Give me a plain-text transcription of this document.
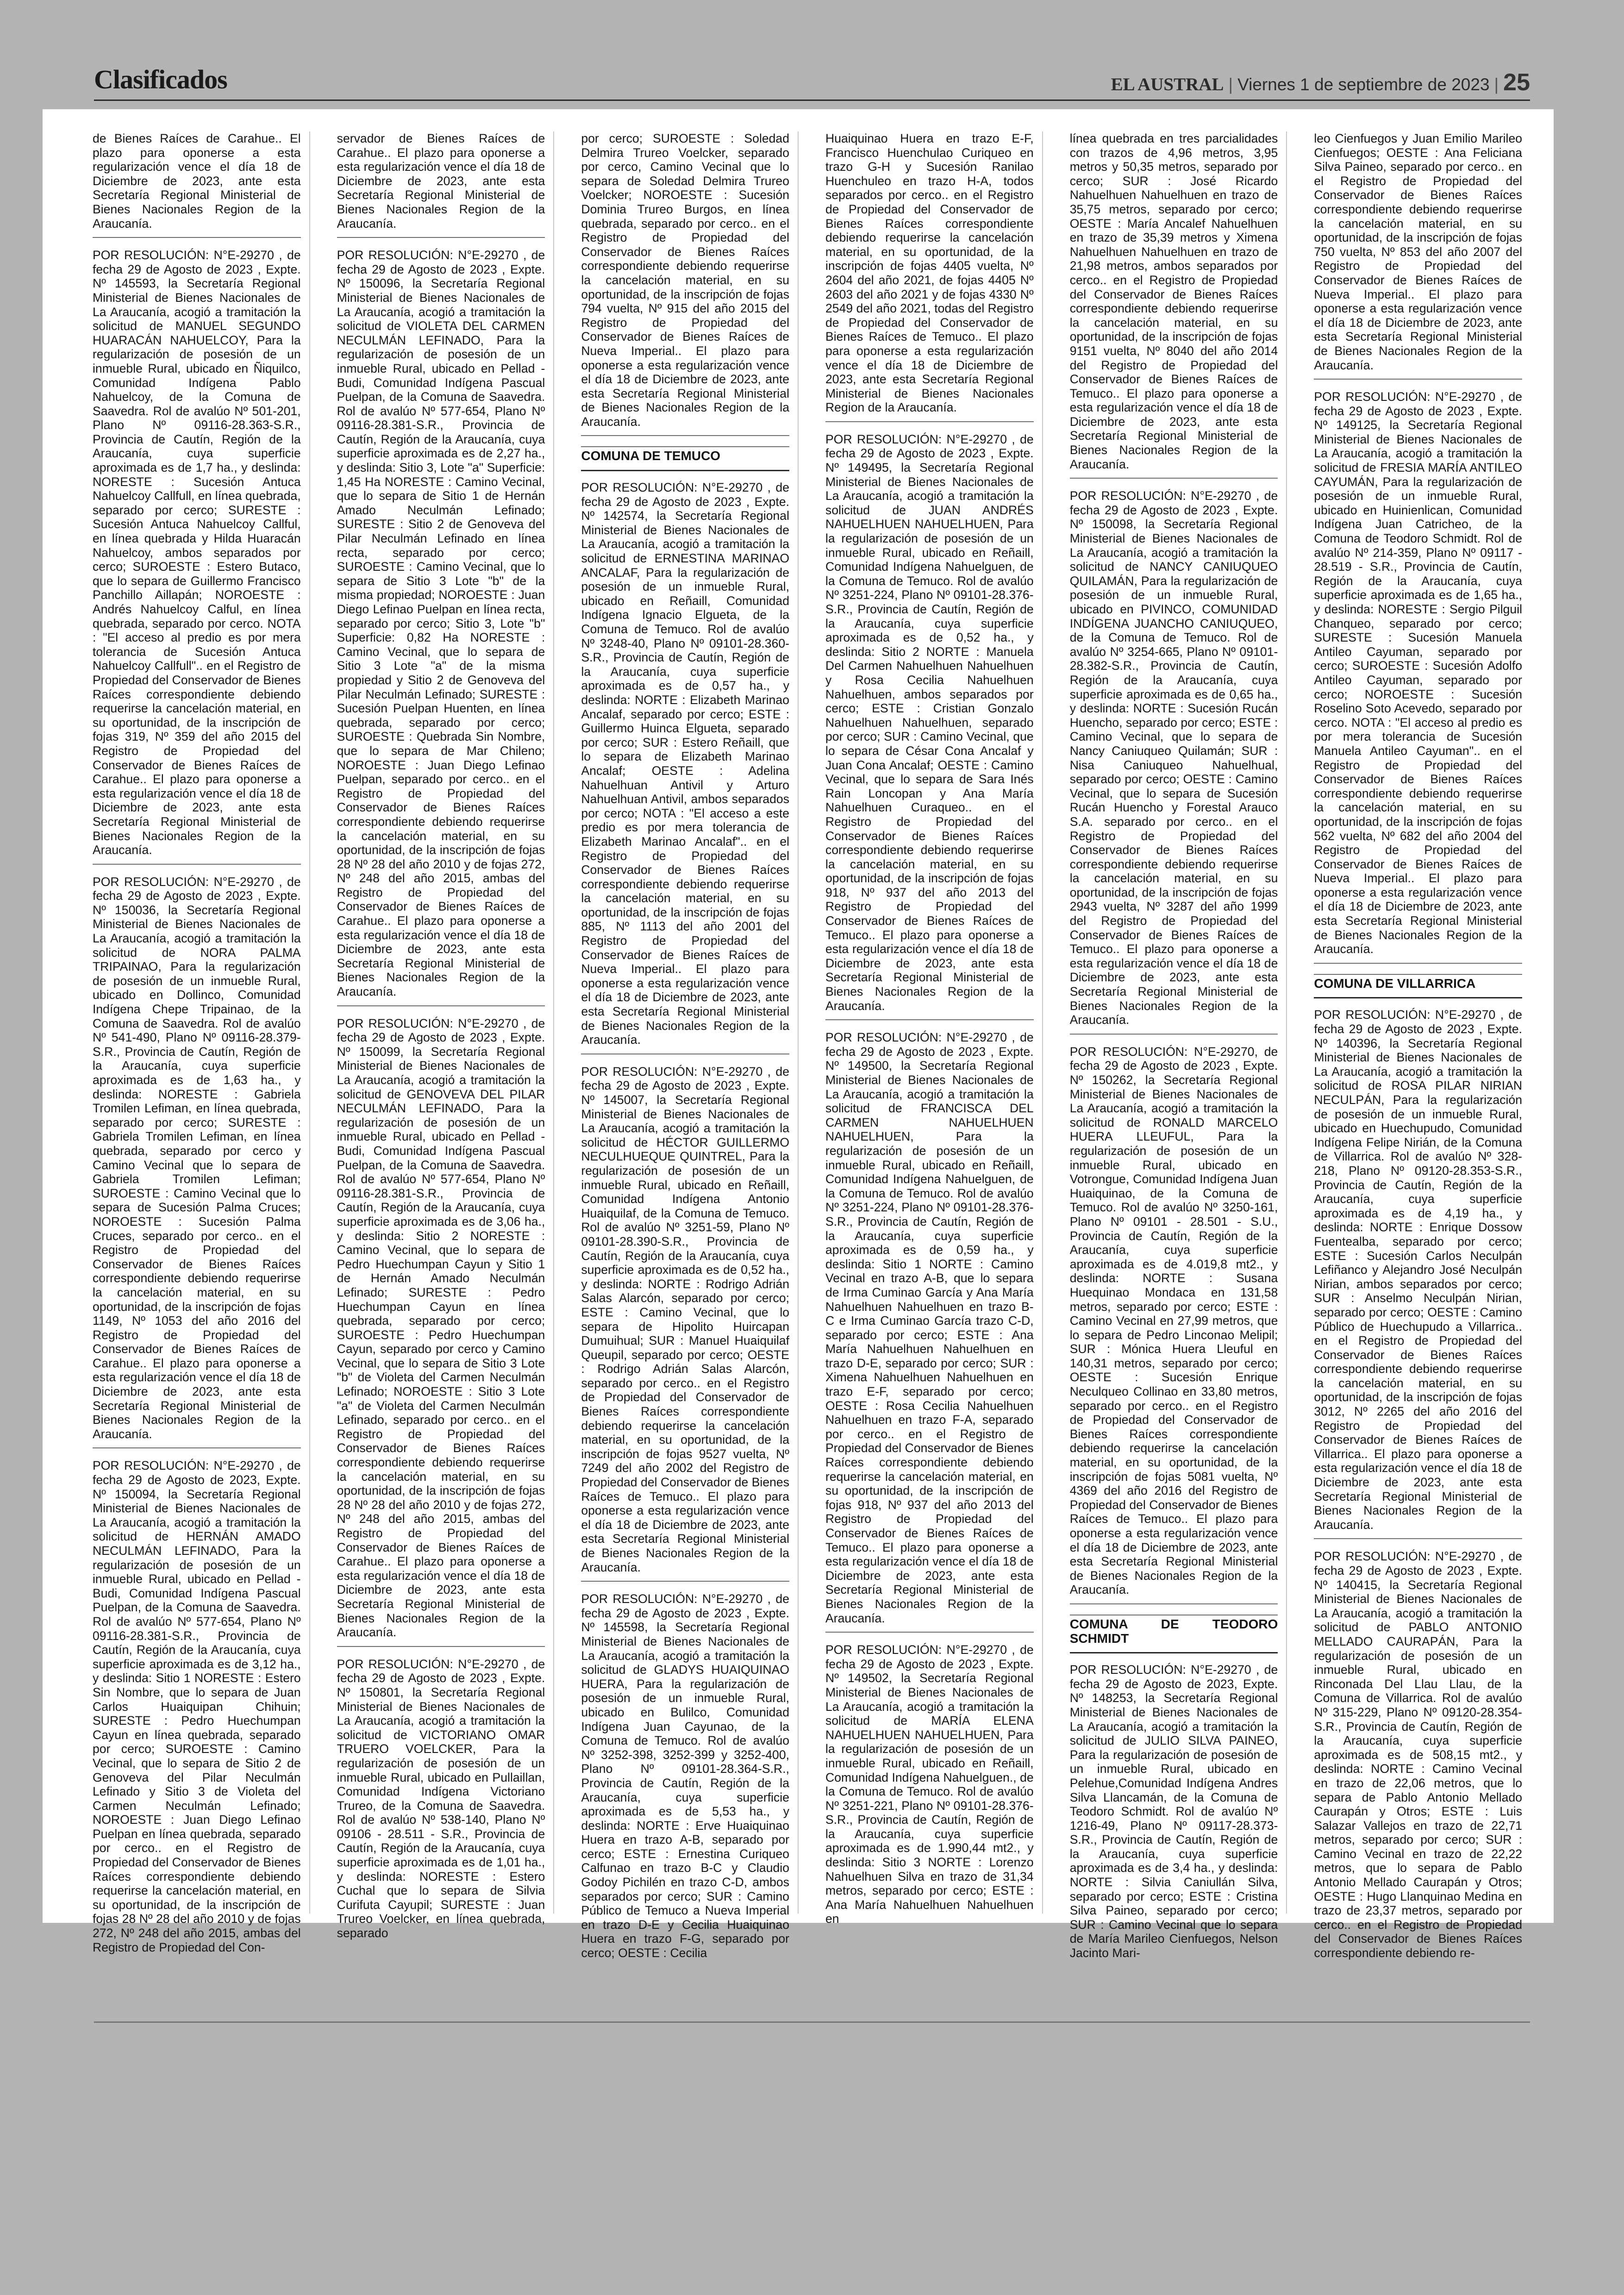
Clasificados	EL AUSTRAL | Viernes 1 de septiembre de 2023 | 25

de Bienes Raíces de Carahue.. El plazo para oponerse a esta regularización vence el día 18 de Diciembre de 2023, ante esta Secretaría Regional Ministerial de Bienes Nacionales Region de la Araucanía.

POR RESOLUCIÓN: N°E-29270 , de fecha 29 de Agosto de 2023 , Expte. Nº 145593, la Secretaría Regional Ministerial de Bienes Nacionales de La Araucanía, acogió a tramitación la solicitud de MANUEL SEGUNDO HUARACÁN NAHUELCOY, Para la regularización de posesión de un inmueble Rural, ubicado en Ñiquilco, Comunidad Indígena Pablo Nahuelcoy, de la Comuna de Saavedra. Rol de avalúo Nº 501-201, Plano Nº 09116-28.363-S.R., Provincia de Cautín, Región de la Araucanía, cuya superficie aproximada es de 1,7 ha., y deslinda: NORESTE : Sucesión Antuca Nahuelcoy Callfull, en línea quebrada, separado por cerco; SURESTE : Sucesión Antuca Nahuelcoy Callful, en línea quebrada y Hilda Huaracán Nahuelcoy, ambos separados por cerco; SUROESTE : Estero Butaco, que lo separa de Guillermo Francisco Panchillo Aillapán; NOROESTE : Andrés Nahuelcoy Calful, en línea quebrada, separado por cerco. NOTA : "El acceso al predio es por mera tolerancia de Sucesión Antuca Nahuelcoy Callfull".. en el Registro de Propiedad del Conservador de Bienes Raíces correspondiente debiendo requerirse la cancelación material, en su oportunidad, de la inscripción de fojas 319, Nº 359 del año 2015 del Registro de Propiedad del Conservador de Bienes Raíces de Carahue.. El plazo para oponerse a esta regularización vence el día 18 de Diciembre de 2023, ante esta Secretaría Regional Ministerial de Bienes Nacionales Region de la Araucanía.

POR RESOLUCIÓN: N°E-29270 , de fecha 29 de Agosto de 2023 , Expte. Nº 150036, la Secretaría Regional Ministerial de Bienes Nacionales de La Araucanía, acogió a tramitación la solicitud de NORA PALMA TRIPAINAO, Para la regularización de posesión de un inmueble Rural, ubicado en Dollinco, Comunidad Indígena Chepe Tripainao, de la Comuna de Saavedra. Rol de avalúo Nº 541-490, Plano Nº 09116-28.379-S.R., Provincia de Cautín, Región de la Araucanía, cuya superficie aproximada es de 1,63 ha., y deslinda: NORESTE : Gabriela Tromilen Lefiman, en línea quebrada, separado por cerco; SURESTE : Gabriela Tromilen Lefiman, en línea quebrada, separado por cerco y Camino Vecinal que lo separa de Gabriela Tromilen Lefiman; SUROESTE : Camino Vecinal que lo separa de Sucesión Palma Cruces; NOROESTE : Sucesión Palma Cruces, separado por cerco.. en el Registro de Propiedad del Conservador de Bienes Raíces correspondiente debiendo requerirse la cancelación material, en su oportunidad, de la inscripción de fojas 1149, Nº 1053 del año 2016 del Registro de Propiedad del Conservador de Bienes Raíces de Carahue.. El plazo para oponerse a esta regularización vence el día 18 de Diciembre de 2023, ante esta Secretaría Regional Ministerial de Bienes Nacionales Region de la Araucanía.

POR RESOLUCIÓN: N°E-29270 , de fecha 29 de Agosto de 2023, Expte. Nº 150094, la Secretaría Regional Ministerial de Bienes Nacionales de La Araucanía, acogió a tramitación la solicitud de HERNÁN AMADO NECULMÁN LEFINADO, Para la regularización de posesión de un inmueble Rural, ubicado en Pellad - Budi, Comunidad Indígena Pascual Puelpan, de la Comuna de Saavedra. Rol de avalúo Nº 577-654, Plano Nº 09116-28.381-S.R., Provincia de Cautín, Región de la Araucanía, cuya superficie aproximada es de 3,12 ha., y deslinda: Sitio 1 NORESTE : Estero Sin Nombre, que lo separa de Juan Carlos Huaiquipan Chihuin; SURESTE : Pedro Huechumpan Cayun en línea quebrada, separado por cerco; SUROESTE : Camino Vecinal, que lo separa de Sitio 2 de Genoveva del Pilar Neculmán Lefinado y Sitio 3 de Violeta del Carmen Neculmán Lefinado; NOROESTE : Juan Diego Lefinao Puelpan en línea quebrada, separado por cerco.. en el Registro de Propiedad del Conservador de Bienes Raíces correspondiente debiendo requerirse la cancelación material, en su oportunidad, de la inscripción de fojas 28 Nº 28 del año 2010 y de fojas 272, Nº 248 del año 2015, ambas del Registro de Propiedad del Con-

servador de Bienes Raíces de Carahue.. El plazo para oponerse a esta regularización vence el día 18 de Diciembre de 2023, ante esta Secretaría Regional Ministerial de Bienes Nacionales Region de la Araucanía.

POR RESOLUCIÓN: N°E-29270 , de fecha 29 de Agosto de 2023 , Expte. Nº 150096, la Secretaría Regional Ministerial de Bienes Nacionales de La Araucanía, acogió a tramitación la solicitud de VIOLETA DEL CARMEN NECULMÁN LEFINADO, Para la regularización de posesión de un inmueble Rural, ubicado en Pellad - Budi, Comunidad Indígena Pascual Puelpan, de la Comuna de Saavedra. Rol de avalúo Nº 577-654, Plano Nº 09116-28.381-S.R., Provincia de Cautín, Región de la Araucanía, cuya superficie aproximada es de 2,27 ha., y deslinda: Sitio 3, Lote "a" Superficie: 1,45 Ha NORESTE : Camino Vecinal, que lo separa de Sitio 1 de Hernán Amado Neculmán Lefinado; SURESTE : Sitio 2 de Genoveva del Pilar Neculmán Lefinado en línea recta, separado por cerco; SUROESTE : Camino Vecinal, que lo separa de Sitio 3 Lote "b" de la misma propiedad; NOROESTE : Juan Diego Lefinao Puelpan en línea recta, separado por cerco; Sitio 3, Lote "b" Superficie: 0,82 Ha NORESTE : Camino Vecinal, que lo separa de Sitio 3 Lote "a" de la misma propiedad y Sitio 2 de Genoveva del Pilar Neculmán Lefinado; SURESTE : Sucesión Puelpan Huenten, en línea quebrada, separado por cerco; SUROESTE : Quebrada Sin Nombre, que lo separa de Mar Chileno; NOROESTE : Juan Diego Lefinao Puelpan, separado por cerco.. en el Registro de Propiedad del Conservador de Bienes Raíces correspondiente debiendo requerirse la cancelación material, en su oportunidad, de la inscripción de fojas 28 Nº 28 del año 2010 y de fojas 272, Nº 248 del año 2015, ambas del Registro de Propiedad del Conservador de Bienes Raíces de Carahue.. El plazo para oponerse a esta regularización vence el día 18 de Diciembre de 2023, ante esta Secretaría Regional Ministerial de Bienes Nacionales Region de la Araucanía.

POR RESOLUCIÓN: N°E-29270 , de fecha 29 de Agosto de 2023 , Expte. Nº 150099, la Secretaría Regional Ministerial de Bienes Nacionales de La Araucanía, acogió a tramitación la solicitud de GENOVEVA DEL PILAR NECULMÁN LEFINADO, Para la regularización de posesión de un inmueble Rural, ubicado en Pellad - Budi, Comunidad Indígena Pascual Puelpan, de la Comuna de Saavedra. Rol de avalúo Nº 577-654, Plano Nº 09116-28.381-S.R., Provincia de Cautín, Región de la Araucanía, cuya superficie aproximada es de 3,06 ha., y deslinda: Sitio 2 NORESTE : Camino Vecinal, que lo separa de Pedro Huechumpan Cayun y Sitio 1 de Hernán Amado Neculmán Lefinado; SURESTE : Pedro Huechumpan Cayun en línea quebrada, separado por cerco; SUROESTE : Pedro Huechumpan Cayun, separado por cerco y Camino Vecinal, que lo separa de Sitio 3 Lote "b" de Violeta del Carmen Neculmán Lefinado; NOROESTE : Sitio 3 Lote "a" de Violeta del Carmen Neculmán Lefinado, separado por cerco.. en el Registro de Propiedad del Conservador de Bienes Raíces correspondiente debiendo requerirse la cancelación material, en su oportunidad, de la inscripción de fojas 28 Nº 28 del año 2010 y de fojas 272, Nº 248 del año 2015, ambas del Registro de Propiedad del Conservador de Bienes Raíces de Carahue.. El plazo para oponerse a esta regularización vence el día 18 de Diciembre de 2023, ante esta Secretaría Regional Ministerial de Bienes Nacionales Region de la Araucanía.

POR RESOLUCIÓN: N°E-29270 , de fecha 29 de Agosto de 2023 , Expte. Nº 150801, la Secretaría Regional Ministerial de Bienes Nacionales de La Araucanía, acogió a tramitación la solicitud de VICTORIANO OMAR TRUERO VOELCKER, Para la regularización de posesión de un inmueble Rural, ubicado en Pullaillan, Comunidad Indígena Victoriano Trureo, de la Comuna de Saavedra. Rol de avalúo Nº 538-140, Plano Nº 09106 - 28.511 - S.R., Provincia de Cautín, Región de la Araucanía, cuya superficie aproximada es de 1,01 ha., y deslinda: NORESTE : Estero Cuchal que lo separa de Silvia Curifuta Cayupil; SURESTE : Juan Trureo Voelcker, en línea quebrada, separado

por cerco; SUROESTE : Soledad Delmira Trureo Voelcker, separado por cerco, Camino Vecinal que lo separa de Soledad Delmira Trureo Voelcker; NOROESTE : Sucesión Dominia Trureo Burgos, en línea quebrada, separado por cerco.. en el Registro de Propiedad del Conservador de Bienes Raíces correspondiente debiendo requerirse la cancelación material, en su oportunidad, de la inscripción de fojas 794 vuelta, Nº 915 del año 2015 del Registro de Propiedad del Conservador de Bienes Raíces de Nueva Imperial.. El plazo para oponerse a esta regularización vence el día 18 de Diciembre de 2023, ante esta Secretaría Regional Ministerial de Bienes Nacionales Region de la Araucanía.

COMUNA DE TEMUCO

POR RESOLUCIÓN: N°E-29270 , de fecha 29 de Agosto de 2023 , Expte. Nº 142574, la Secretaría Regional Ministerial de Bienes Nacionales de La Araucanía, acogió a tramitación la solicitud de ERNESTINA MARINAO ANCALAF, Para la regularización de posesión de un inmueble Rural, ubicado en Reñaill, Comunidad Indígena Ignacio Elgueta, de la Comuna de Temuco. Rol de avalúo Nº 3248-40, Plano Nº 09101-28.360-S.R., Provincia de Cautín, Región de la Araucanía, cuya superficie aproximada es de 0,57 ha., y deslinda: NORTE : Elizabeth Marinao Ancalaf, separado por cerco; ESTE : Guillermo Huinca Elgueta, separado por cerco; SUR : Estero Reñaill, que lo separa de Elizabeth Marinao Ancalaf; OESTE : Adelina Nahuelhuan Antivil y Arturo Nahuelhuan Antivil, ambos separados por cerco; NOTA : "El acceso a este predio es por mera tolerancia de Elizabeth Marinao Ancalaf".. en el Registro de Propiedad del Conservador de Bienes Raíces correspondiente debiendo requerirse la cancelación material, en su oportunidad, de la inscripción de fojas 885, Nº 1113 del año 2001 del Registro de Propiedad del Conservador de Bienes Raíces de Nueva Imperial.. El plazo para oponerse a esta regularización vence el día 18 de Diciembre de 2023, ante esta Secretaría Regional Ministerial de Bienes Nacionales Region de la Araucanía.

POR RESOLUCIÓN: N°E-29270 , de fecha 29 de Agosto de 2023 , Expte. Nº 145007, la Secretaría Regional Ministerial de Bienes Nacionales de La Araucanía, acogió a tramitación la solicitud de HÉCTOR GUILLERMO NECULHUEQUE QUINTREL, Para la regularización de posesión de un inmueble Rural, ubicado en Reñaill, Comunidad Indígena Antonio Huaiquilaf, de la Comuna de Temuco. Rol de avalúo Nº 3251-59, Plano Nº 09101-28.390-S.R., Provincia de Cautín, Región de la Araucanía, cuya superficie aproximada es de 0,52 ha., y deslinda: NORTE : Rodrigo Adrián Salas Alarcón, separado por cerco; ESTE : Camino Vecinal, que lo separa de Hipolito Huircapan Dumuihual; SUR : Manuel Huaiquilaf Queupil, separado por cerco; OESTE : Rodrigo Adrián Salas Alarcón, separado por cerco.. en el Registro de Propiedad del Conservador de Bienes Raíces correspondiente debiendo requerirse la cancelación material, en su oportunidad, de la inscripción de fojas 9527 vuelta, Nº 7249 del año 2002 del Registro de Propiedad del Conservador de Bienes Raíces de Temuco.. El plazo para oponerse a esta regularización vence el día 18 de Diciembre de 2023, ante esta Secretaría Regional Ministerial de Bienes Nacionales Region de la Araucanía.

POR RESOLUCIÓN: N°E-29270 , de fecha 29 de Agosto de 2023 , Expte. Nº 145598, la Secretaría Regional Ministerial de Bienes Nacionales de La Araucanía, acogió a tramitación la solicitud de GLADYS HUAIQUINAO HUERA, Para la regularización de posesión de un inmueble Rural, ubicado en Bulilco, Comunidad Indígena Juan Cayunao, de la Comuna de Temuco. Rol de avalúo Nº 3252-398, 3252-399 y 3252-400, Plano Nº 09101-28.364-S.R., Provincia de Cautín, Región de la Araucanía, cuya superficie aproximada es de 5,53 ha., y deslinda: NORTE : Erve Huaiquinao Huera en trazo A-B, separado por cerco; ESTE : Ernestina Curiqueo Calfunao en trazo B-C y Claudio Godoy Pichilén en trazo C-D, ambos separados por cerco; SUR : Camino Público de Temuco a Nueva Imperial en trazo D-E y Cecilia Huaiquinao Huera en trazo F-G, separado por cerco; OESTE : Cecilia

Huaiquinao Huera en trazo E-F, Francisco Huenchulao Curiqueo en trazo G-H y Sucesión Ranilao Huenchuleo en trazo H-A, todos separados por cerco.. en el Registro de Propiedad del Conservador de Bienes Raíces correspondiente debiendo requerirse la cancelación material, en su oportunidad, de la inscripción de fojas 4405 vuelta, Nº 2604 del año 2021, de fojas 4405 Nº 2603 del año 2021 y de fojas 4330 Nº 2549 del año 2021, todas del Registro de Propiedad del Conservador de Bienes Raíces de Temuco.. El plazo para oponerse a esta regularización vence el día 18 de Diciembre de 2023, ante esta Secretaría Regional Ministerial de Bienes Nacionales Region de la Araucanía.

POR RESOLUCIÓN: N°E-29270 , de fecha 29 de Agosto de 2023 , Expte. Nº 149495, la Secretaría Regional Ministerial de Bienes Nacionales de La Araucanía, acogió a tramitación la solicitud de JUAN ANDRÉS NAHUELHUEN NAHUELHUEN, Para la regularización de posesión de un inmueble Rural, ubicado en Reñaill, Comunidad Indígena Nahuelguen, de la Comuna de Temuco. Rol de avalúo Nº 3251-224, Plano Nº 09101-28.376-S.R., Provincia de Cautín, Región de la Araucanía, cuya superficie aproximada es de 0,52 ha., y deslinda: Sitio 2 NORTE : Manuela Del Carmen Nahuelhuen Nahuelhuen y Rosa Cecilia Nahuelhuen Nahuelhuen, ambos separados por cerco; ESTE : Cristian Gonzalo Nahuelhuen Nahuelhuen, separado por cerco; SUR : Camino Vecinal, que lo separa de César Cona Ancalaf y Juan Cona Ancalaf; OESTE : Camino Vecinal, que lo separa de Sara Inés Rain Loncopan y Ana María Nahuelhuen Curaqueo.. en el Registro de Propiedad del Conservador de Bienes Raíces correspondiente debiendo requerirse la cancelación material, en su oportunidad, de la inscripción de fojas 918, Nº 937 del año 2013 del Registro de Propiedad del Conservador de Bienes Raíces de Temuco.. El plazo para oponerse a esta regularización vence el día 18 de Diciembre de 2023, ante esta Secretaría Regional Ministerial de Bienes Nacionales Region de la Araucanía.

POR RESOLUCIÓN: N°E-29270 , de fecha 29 de Agosto de 2023 , Expte. Nº 149500, la Secretaría Regional Ministerial de Bienes Nacionales de La Araucanía, acogió a tramitación la solicitud de FRANCISCA DEL CARMEN NAHUELHUEN NAHUELHUEN, Para la regularización de posesión de un inmueble Rural, ubicado en Reñaill, Comunidad Indígena Nahuelguen, de la Comuna de Temuco. Rol de avalúo Nº 3251-224, Plano Nº 09101-28.376-S.R., Provincia de Cautín, Región de la Araucanía, cuya superficie aproximada es de 0,59 ha., y deslinda: Sitio 1 NORTE : Camino Vecinal en trazo A-B, que lo separa de Irma Cuminao García y Ana María Nahuelhuen Nahuelhuen en trazo B-C e Irma Cuminao García trazo C-D, separado por cerco; ESTE : Ana María Nahuelhuen Nahuelhuen en trazo D-E, separado por cerco; SUR : Ximena Nahuelhuen Nahuelhuen en trazo E-F, separado por cerco; OESTE : Rosa Cecilia Nahuelhuen Nahuelhuen en trazo F-A, separado por cerco.. en el Registro de Propiedad del Conservador de Bienes Raíces correspondiente debiendo requerirse la cancelación material, en su oportunidad, de la inscripción de fojas 918, Nº 937 del año 2013 del Registro de Propiedad del Conservador de Bienes Raíces de Temuco.. El plazo para oponerse a esta regularización vence el día 18 de Diciembre de 2023, ante esta Secretaría Regional Ministerial de Bienes Nacionales Region de la Araucanía.

POR RESOLUCIÓN: N°E-29270 , de fecha 29 de Agosto de 2023 , Expte. Nº 149502, la Secretaría Regional Ministerial de Bienes Nacionales de La Araucanía, acogió a tramitación la solicitud de MARÍA ELENA NAHUELHUEN NAHUELHUEN, Para la regularización de posesión de un inmueble Rural, ubicado en Reñaill, Comunidad Indígena Nahuelguen., de la Comuna de Temuco. Rol de avalúo Nº 3251-221, Plano Nº 09101-28.376-S.R., Provincia de Cautín, Región de la Araucanía, cuya superficie aproximada es de 1.990,44 mt2., y deslinda: Sitio 3 NORTE : Lorenzo Nahuelhuen Silva en trazo de 31,34 metros, separado por cerco; ESTE : Ana María Nahuelhuen Nahuelhuen en

línea quebrada en tres parcialidades con trazos de 4,96 metros, 3,95 metros y 50,35 metros, separado por cerco; SUR : José Ricardo Nahuelhuen Nahuelhuen en trazo de 35,75 metros, separado por cerco; OESTE : María Ancalef Nahuelhuen en trazo de 35,39 metros y Ximena Nahuelhuen Nahuelhuen en trazo de 21,98 metros, ambos separados por cerco.. en el Registro de Propiedad del Conservador de Bienes Raíces correspondiente debiendo requerirse la cancelación material, en su oportunidad, de la inscripción de fojas 9151 vuelta, Nº 8040 del año 2014 del Registro de Propiedad del Conservador de Bienes Raíces de Temuco.. El plazo para oponerse a esta regularización vence el día 18 de Diciembre de 2023, ante esta Secretaría Regional Ministerial de Bienes Nacionales Region de la Araucanía.

POR RESOLUCIÓN: N°E-29270 , de fecha 29 de Agosto de 2023 , Expte. Nº 150098, la Secretaría Regional Ministerial de Bienes Nacionales de La Araucanía, acogió a tramitación la solicitud de NANCY CANIUQUEO QUILAMÁN, Para la regularización de posesión de un inmueble Rural, ubicado en PIVINCO, COMUNIDAD INDÍGENA JUANCHO CANIUQUEO, de la Comuna de Temuco. Rol de avalúo Nº 3254-665, Plano Nº 09101-28.382-S.R., Provincia de Cautín, Región de la Araucanía, cuya superficie aproximada es de 0,65 ha., y deslinda: NORTE : Sucesión Rucán Huencho, separado por cerco; ESTE : Camino Vecinal, que lo separa de Nancy Caniuqueo Quilamán; SUR : Nisa Caniuqueo Nahuelhual, separado por cerco; OESTE : Camino Vecinal, que lo separa de Sucesión Rucán Huencho y Forestal Arauco S.A. separado por cerco.. en el Registro de Propiedad del Conservador de Bienes Raíces correspondiente debiendo requerirse la cancelación material, en su oportunidad, de la inscripción de fojas 2943 vuelta, Nº 3287 del año 1999 del Registro de Propiedad del Conservador de Bienes Raíces de Temuco.. El plazo para oponerse a esta regularización vence el día 18 de Diciembre de 2023, ante esta Secretaría Regional Ministerial de Bienes Nacionales Region de la Araucanía.

POR RESOLUCIÓN: N°E-29270, de fecha 29 de Agosto de 2023 , Expte. Nº 150262, la Secretaría Regional Ministerial de Bienes Nacionales de La Araucanía, acogió a tramitación la solicitud de RONALD MARCELO HUERA LLEUFUL, Para la regularización de posesión de un inmueble Rural, ubicado en Votrongue, Comunidad Indígena Juan Huaiquinao, de la Comuna de Temuco. Rol de avalúo Nº 3250-161, Plano Nº 09101 - 28.501 - S.U., Provincia de Cautín, Región de la Araucanía, cuya superficie aproximada es de 4.019,8 mt2., y deslinda: NORTE : Susana Huequinao Mondaca en 131,58 metros, separado por cerco; ESTE : Camino Vecinal en 27,99 metros, que lo separa de Pedro Linconao Melipil; SUR : Mónica Huera Lleuful en 140,31 metros, separado por cerco; OESTE : Sucesión Enrique Neculqueo Collinao en 33,80 metros, separado por cerco.. en el Registro de Propiedad del Conservador de Bienes Raíces correspondiente debiendo requerirse la cancelación material, en su oportunidad, de la inscripción de fojas 5081 vuelta, Nº 4369 del año 2016 del Registro de Propiedad del Conservador de Bienes Raíces de Temuco.. El plazo para oponerse a esta regularización vence el día 18 de Diciembre de 2023, ante esta Secretaría Regional Ministerial de Bienes Nacionales Region de la Araucanía.

COMUNA DE TEODORO SCHMIDT

POR RESOLUCIÓN: N°E-29270 , de fecha 29 de Agosto de 2023, Expte. Nº 148253, la Secretaría Regional Ministerial de Bienes Nacionales de La Araucanía, acogió a tramitación la solicitud de JULIO SILVA PAINEO, Para la regularización de posesión de un inmueble Rural, ubicado en Pelehue,Comunidad Indígena Andres Silva Llancamán, de la Comuna de Teodoro Schmidt. Rol de avalúo Nº 1216-49, Plano Nº 09117-28.373-S.R., Provincia de Cautín, Región de la Araucanía, cuya superficie aproximada es de 3,4 ha., y deslinda: NORTE : Silvia Caniullán Silva, separado por cerco; ESTE : Cristina Silva Paineo, separado por cerco; SUR : Camino Vecinal que lo separa de María Marileo Cienfuegos, Nelson Jacinto Mari-

leo Cienfuegos y Juan Emilio Marileo Cienfuegos; OESTE : Ana Feliciana Silva Paineo, separado por cerco.. en el Registro de Propiedad del Conservador de Bienes Raíces correspondiente debiendo requerirse la cancelación material, en su oportunidad, de la inscripción de fojas 750 vuelta, Nº 853 del año 2007 del Registro de Propiedad del Conservador de Bienes Raíces de Nueva Imperial.. El plazo para oponerse a esta regularización vence el día 18 de Diciembre de 2023, ante esta Secretaría Regional Ministerial de Bienes Nacionales Region de la Araucanía.

POR RESOLUCIÓN: N°E-29270 , de fecha 29 de Agosto de 2023 , Expte. Nº 149125, la Secretaría Regional Ministerial de Bienes Nacionales de La Araucanía, acogió a tramitación la solicitud de FRESIA MARÍA ANTILEO CAYUMÁN, Para la regularización de posesión de un inmueble Rural, ubicado en Huinienlican, Comunidad Indígena Juan Catricheo, de la Comuna de Teodoro Schmidt. Rol de avalúo Nº 214-359, Plano Nº 09117 - 28.519 - S.R., Provincia de Cautín, Región de la Araucanía, cuya superficie aproximada es de 1,65 ha., y deslinda: NORESTE : Sergio Pilguil Chanqueo, separado por cerco; SURESTE : Sucesión Manuela Antileo Cayuman, separado por cerco; SUROESTE : Sucesión Adolfo Antileo Cayuman, separado por cerco; NOROESTE : Sucesión Roselino Soto Acevedo, separado por cerco. NOTA : "El acceso al predio es por mera tolerancia de Sucesión Manuela Antileo Cayuman".. en el Registro de Propiedad del Conservador de Bienes Raíces correspondiente debiendo requerirse la cancelación material, en su oportunidad, de la inscripción de fojas 562 vuelta, Nº 682 del año 2004 del Registro de Propiedad del Conservador de Bienes Raíces de Nueva Imperial.. El plazo para oponerse a esta regularización vence el día 18 de Diciembre de 2023, ante esta Secretaría Regional Ministerial de Bienes Nacionales Region de la Araucanía.

COMUNA DE VILLARRICA

POR RESOLUCIÓN: N°E-29270 , de fecha 29 de Agosto de 2023 , Expte. Nº 140396, la Secretaría Regional Ministerial de Bienes Nacionales de La Araucanía, acogió a tramitación la solicitud de ROSA PILAR NIRIAN NECULPÁN, Para la regularización de posesión de un inmueble Rural, ubicado en Huechupudo, Comunidad Indígena Felipe Nirián, de la Comuna de Villarrica. Rol de avalúo Nº 328-218, Plano Nº 09120-28.353-S.R., Provincia de Cautín, Región de la Araucanía, cuya superficie aproximada es de 4,19 ha., y deslinda: NORTE : Enrique Dossow Fuentealba, separado por cerco; ESTE : Sucesión Carlos Neculpán Lefiñanco y Alejandro José Neculpán Nirian, ambos separados por cerco; SUR : Anselmo Neculpán Nirian, separado por cerco; OESTE : Camino Público de Huechupudo a Villarrica.. en el Registro de Propiedad del Conservador de Bienes Raíces correspondiente debiendo requerirse la cancelación material, en su oportunidad, de la inscripción de fojas 3012, Nº 2265 del año 2016 del Registro de Propiedad del Conservador de Bienes Raíces de Villarrica.. El plazo para oponerse a esta regularización vence el día 18 de Diciembre de 2023, ante esta Secretaría Regional Ministerial de Bienes Nacionales Region de la Araucanía.

POR RESOLUCIÓN: N°E-29270 , de fecha 29 de Agosto de 2023 , Expte. Nº 140415, la Secretaría Regional Ministerial de Bienes Nacionales de La Araucanía, acogió a tramitación la solicitud de PABLO ANTONIO MELLADO CAURAPÁN, Para la regularización de posesión de un inmueble Rural, ubicado en Rinconada Del Llau Llau, de la Comuna de Villarrica. Rol de avalúo Nº 315-229, Plano Nº 09120-28.354-S.R., Provincia de Cautín, Región de la Araucanía, cuya superficie aproximada es de 508,15 mt2., y deslinda: NORTE : Camino Vecinal en trazo de 22,06 metros, que lo separa de Pablo Antonio Mellado Caurapán y Otros; ESTE : Luis Salazar Vallejos en trazo de 22,71 metros, separado por cerco; SUR : Camino Vecinal en trazo de 22,22 metros, que lo separa de Pablo Antonio Mellado Caurapán y Otros; OESTE : Hugo Llanquinao Medina en trazo de 23,37 metros, separado por cerco.. en el Registro de Propiedad del Conservador de Bienes Raíces correspondiente debiendo re-
